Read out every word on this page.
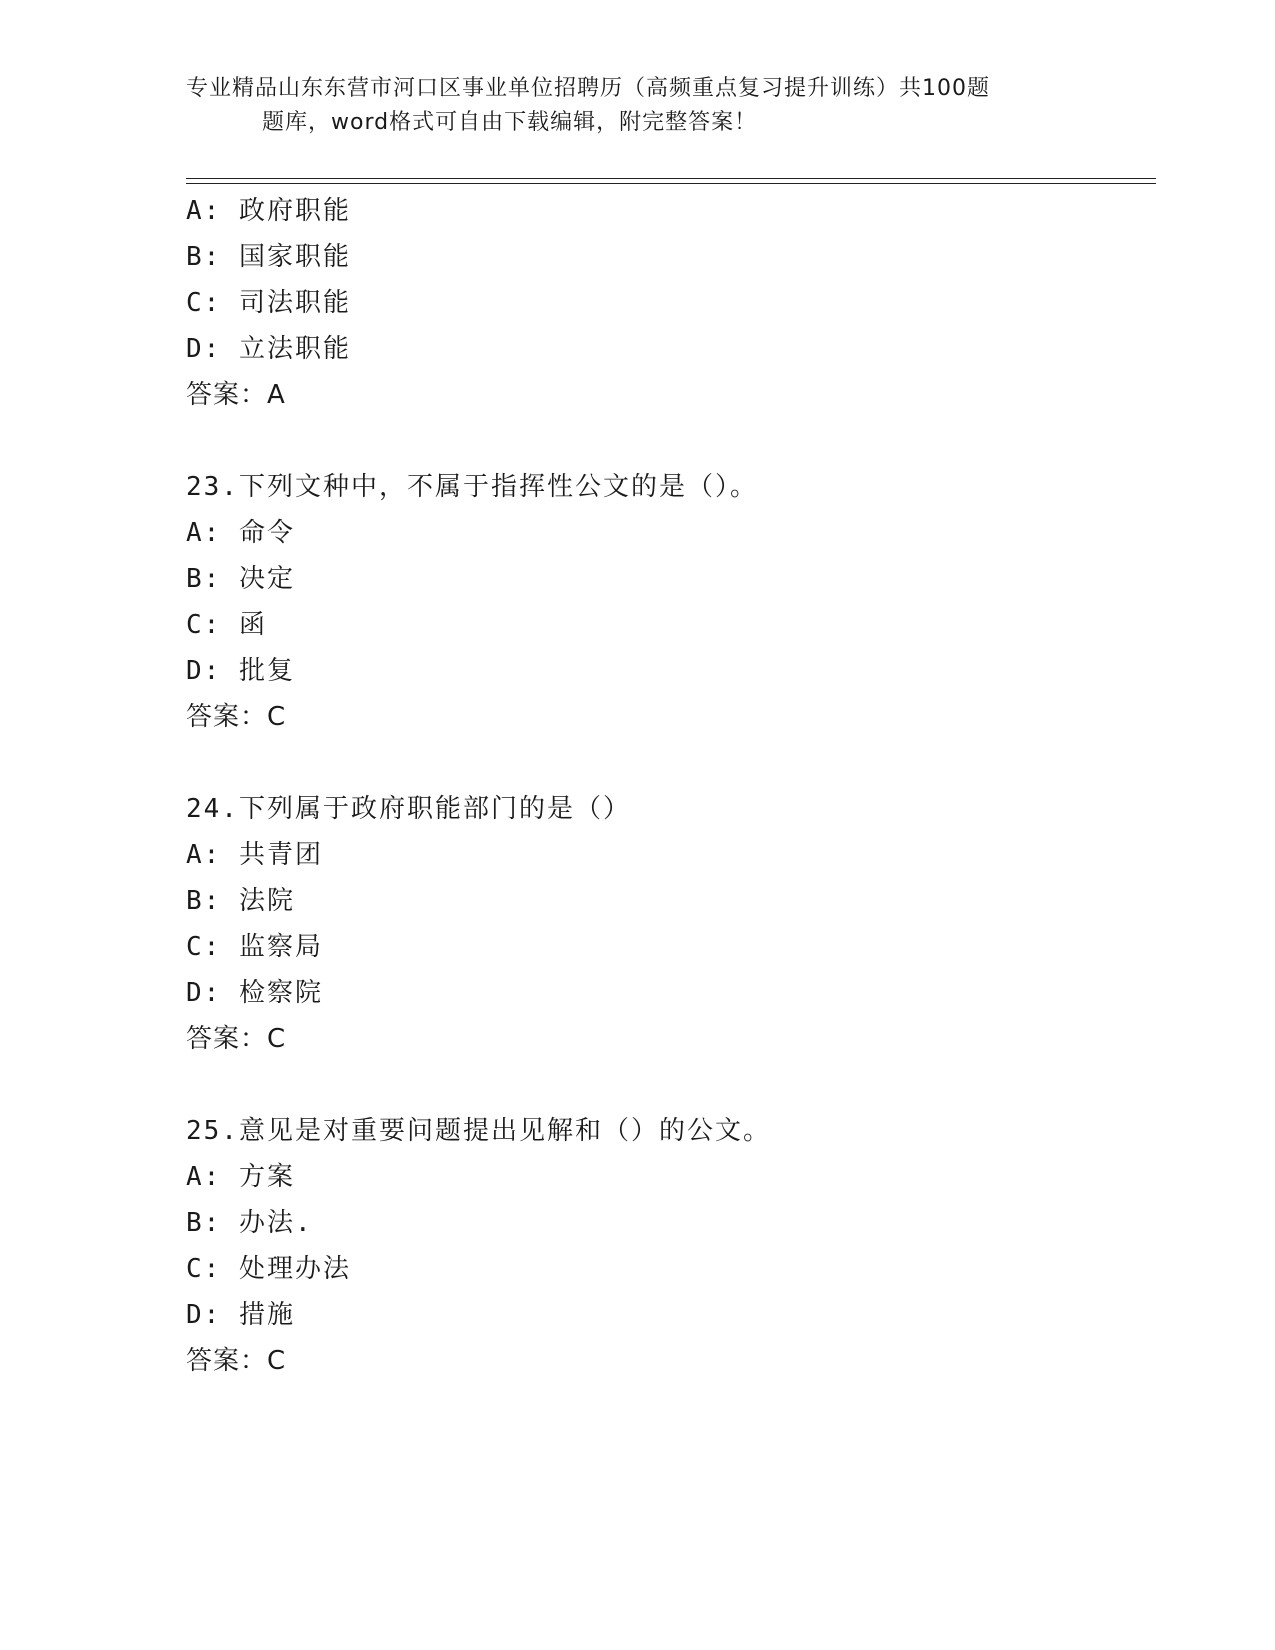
专业精品山东东营市河口区事业单位招聘历（高频重点复习提升训练）共100题
题库，word格式可自由下载编辑，附完整答案！
A: 政府职能
B: 国家职能
C: 司法职能
D: 立法职能
答案：A
23.下列文种中，不属于指挥性公文的是（）。
A: 命令
B: 决定
C: 函
D: 批复
答案：C
24.下列属于政府职能部门的是（）
A: 共青团
B: 法院
C: 监察局
D: 检察院
答案：C
25.意见是对重要问题提出见解和（）的公文。
A: 方案
B: 办法.
C: 处理办法
D: 措施
答案：C
